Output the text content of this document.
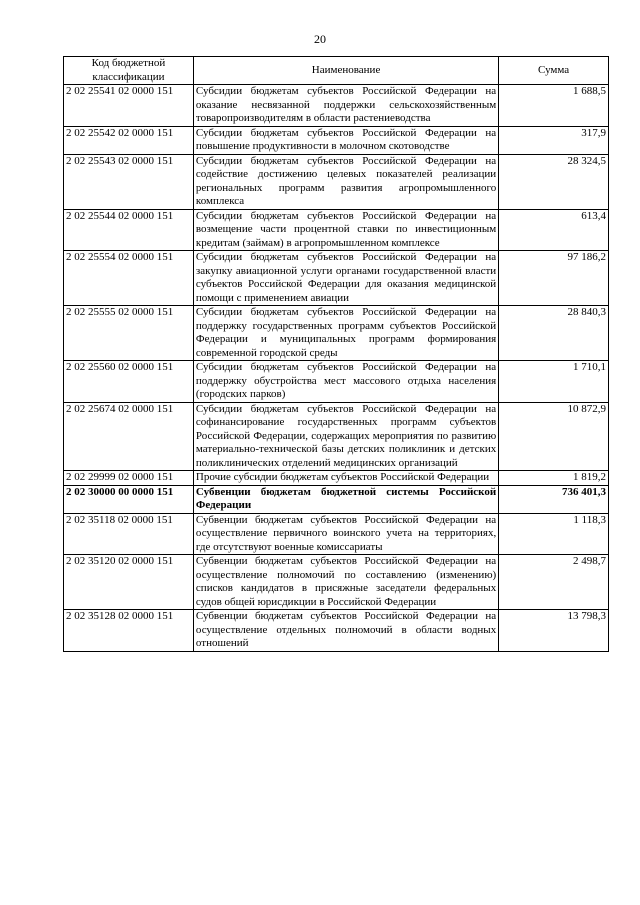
20
Код бюджетной классификации	Наименование	Сумма
2 02 25541 02 0000 151	Субсидии бюджетам субъектов Российской Федерации на оказание несвязанной поддержки сельскохозяйственным товаропроизводителям в области растениеводства	1 688,5
2 02 25542 02 0000 151	Субсидии бюджетам субъектов Российской Федерации на повышение продуктивности в молочном скотоводстве	317,9
2 02 25543 02 0000 151	Субсидии бюджетам субъектов Российской Федерации на содействие достижению целевых показателей реализации региональных программ развития агропромышленного комплекса	28 324,5
2 02 25544 02 0000 151	Субсидии бюджетам субъектов Российской Федерации на возмещение части процентной ставки по инвестиционным кредитам (займам) в агропромышленном комплексе	613,4
2 02 25554 02 0000 151	Субсидии бюджетам субъектов Российской Федерации на закупку авиационной услуги органами государственной власти субъектов Российской Федерации для оказания медицинской помощи с применением авиации	97 186,2
2 02 25555 02 0000 151	Субсидии бюджетам субъектов Российской Федерации на поддержку государственных программ субъектов Российской Федерации и муниципальных программ формирования современной городской среды	28 840,3
2 02 25560 02 0000 151	Субсидии бюджетам субъектов Российской Федерации на поддержку обустройства мест массового отдыха населения (городских парков)	1 710,1
2 02 25674 02 0000 151	Субсидии бюджетам субъектов Российской Федерации на софинансирование государственных программ субъектов Российской Федерации, содержащих мероприятия по развитию материально-технической базы детских поликлиник и детских поликлинических отделений медицинских организаций	10 872,9
2 02 29999 02 0000 151	Прочие субсидии бюджетам субъектов Российской Федерации	1 819,2
2 02 30000 00 0000 151	Субвенции бюджетам бюджетной системы Российской Федерации	736 401,3
2 02 35118 02 0000 151	Субвенции бюджетам субъектов Российской Федерации на осуществление первичного воинского учета на территориях, где отсутствуют военные комиссариаты	1 118,3
2 02 35120 02 0000 151	Субвенции бюджетам субъектов Российской Федерации на осуществление полномочий по составлению (изменению) списков кандидатов в присяжные заседатели федеральных судов общей юрисдикции в Российской Федерации	2 498,7
2 02 35128 02 0000 151	Субвенции бюджетам субъектов Российской Федерации на осуществление отдельных полномочий в области водных отношений	13 798,3
